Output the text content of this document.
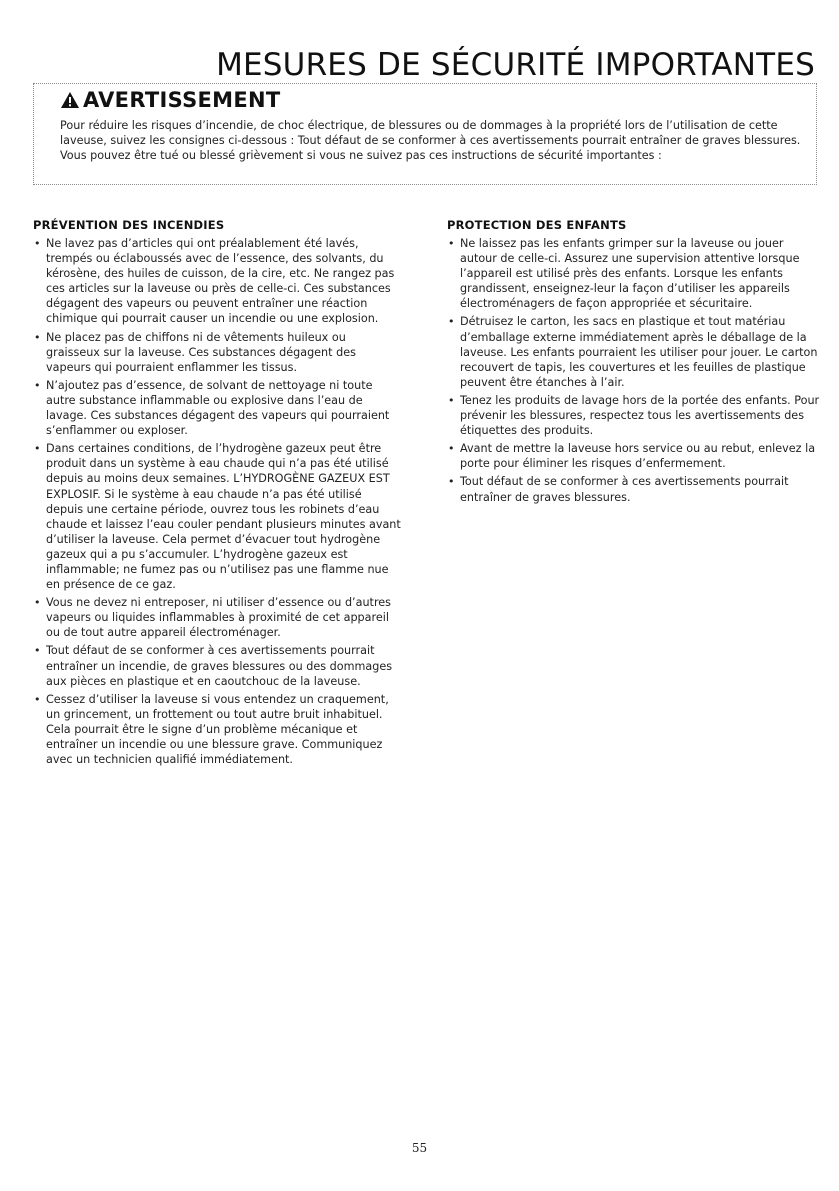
MESURES DE SÉCURITÉ IMPORTANTES
AVERTISSEMENT

Pour réduire les risques d’incendie, de choc électrique, de blessures ou de dommages à la propriété lors de l’utilisation de cette laveuse, suivez les consignes ci-dessous : Tout défaut de se conformer à ces avertissements pourrait entraîner de graves blessures.

Vous pouvez être tué ou blessé grièvement si vous ne suivez pas ces instructions de sécurité importantes :

PRÉVENTION DES INCENDIES
• Ne lavez pas d’articles qui ont préalablement été lavés, trempés ou éclaboussés avec de l’essence, des solvants, du kérosène, des huiles de cuisson, de la cire, etc. Ne rangez pas ces articles sur la laveuse ou près de celle-ci. Ces substances dégagent des vapeurs ou peuvent entraîner une réaction chimique qui pourrait causer un incendie ou une explosion.
• Ne placez pas de chiffons ni de vêtements huileux ou graisseux sur la laveuse. Ces substances dégagent des vapeurs qui pourraient enflammer les tissus.
• N’ajoutez pas d’essence, de solvant de nettoyage ni toute autre substance inflammable ou explosive dans l’eau de lavage. Ces substances dégagent des vapeurs qui pourraient s’enflammer ou exploser.
• Dans certaines conditions, de l’hydrogène gazeux peut être produit dans un système à eau chaude qui n’a pas été utilisé depuis au moins deux semaines. L’HYDROGÈNE GAZEUX EST EXPLOSIF. Si le système à eau chaude n’a pas été utilisé depuis une certaine période, ouvrez tous les robinets d’eau chaude et laissez l’eau couler pendant plusieurs minutes avant d’utiliser la laveuse. Cela permet d’évacuer tout hydrogène gazeux qui a pu s’accumuler. L’hydrogène gazeux est inflammable; ne fumez pas ou n’utilisez pas une flamme nue en présence de ce gaz.
• Vous ne devez ni entreposer, ni utiliser d’essence ou d’autres vapeurs ou liquides inflammables à proximité de cet appareil ou de tout autre appareil électroménager.
• Tout défaut de se conformer à ces avertissements pourrait entraîner un incendie, de graves blessures ou des dommages aux pièces en plastique et en caoutchouc de la laveuse.
• Cessez d’utiliser la laveuse si vous entendez un craquement, un grincement, un frottement ou tout autre bruit inhabituel. Cela pourrait être le signe d’un problème mécanique et entraîner un incendie ou une blessure grave. Communiquez avec un technicien qualifié immédiatement.
PROTECTION DES ENFANTS
• Ne laissez pas les enfants grimper sur la laveuse ou jouer autour de celle-ci. Assurez une supervision attentive lorsque l’appareil est utilisé près des enfants. Lorsque les enfants grandissent, enseignez-leur la façon d’utiliser les appareils électroménagers de façon appropriée et sécuritaire.
• Détruisez le carton, les sacs en plastique et tout matériau d’emballage externe immédiatement après le déballage de la laveuse. Les enfants pourraient les utiliser pour jouer. Le carton recouvert de tapis, les couvertures et les feuilles de plastique peuvent être étanches à l’air.
• Tenez les produits de lavage hors de la portée des enfants. Pour prévenir les blessures, respectez tous les avertissements des étiquettes des produits.
• Avant de mettre la laveuse hors service ou au rebut, enlevez la porte pour éliminer les risques d’enfermement.
• Tout défaut de se conformer à ces avertissements pourrait entraîner de graves blessures.
55
